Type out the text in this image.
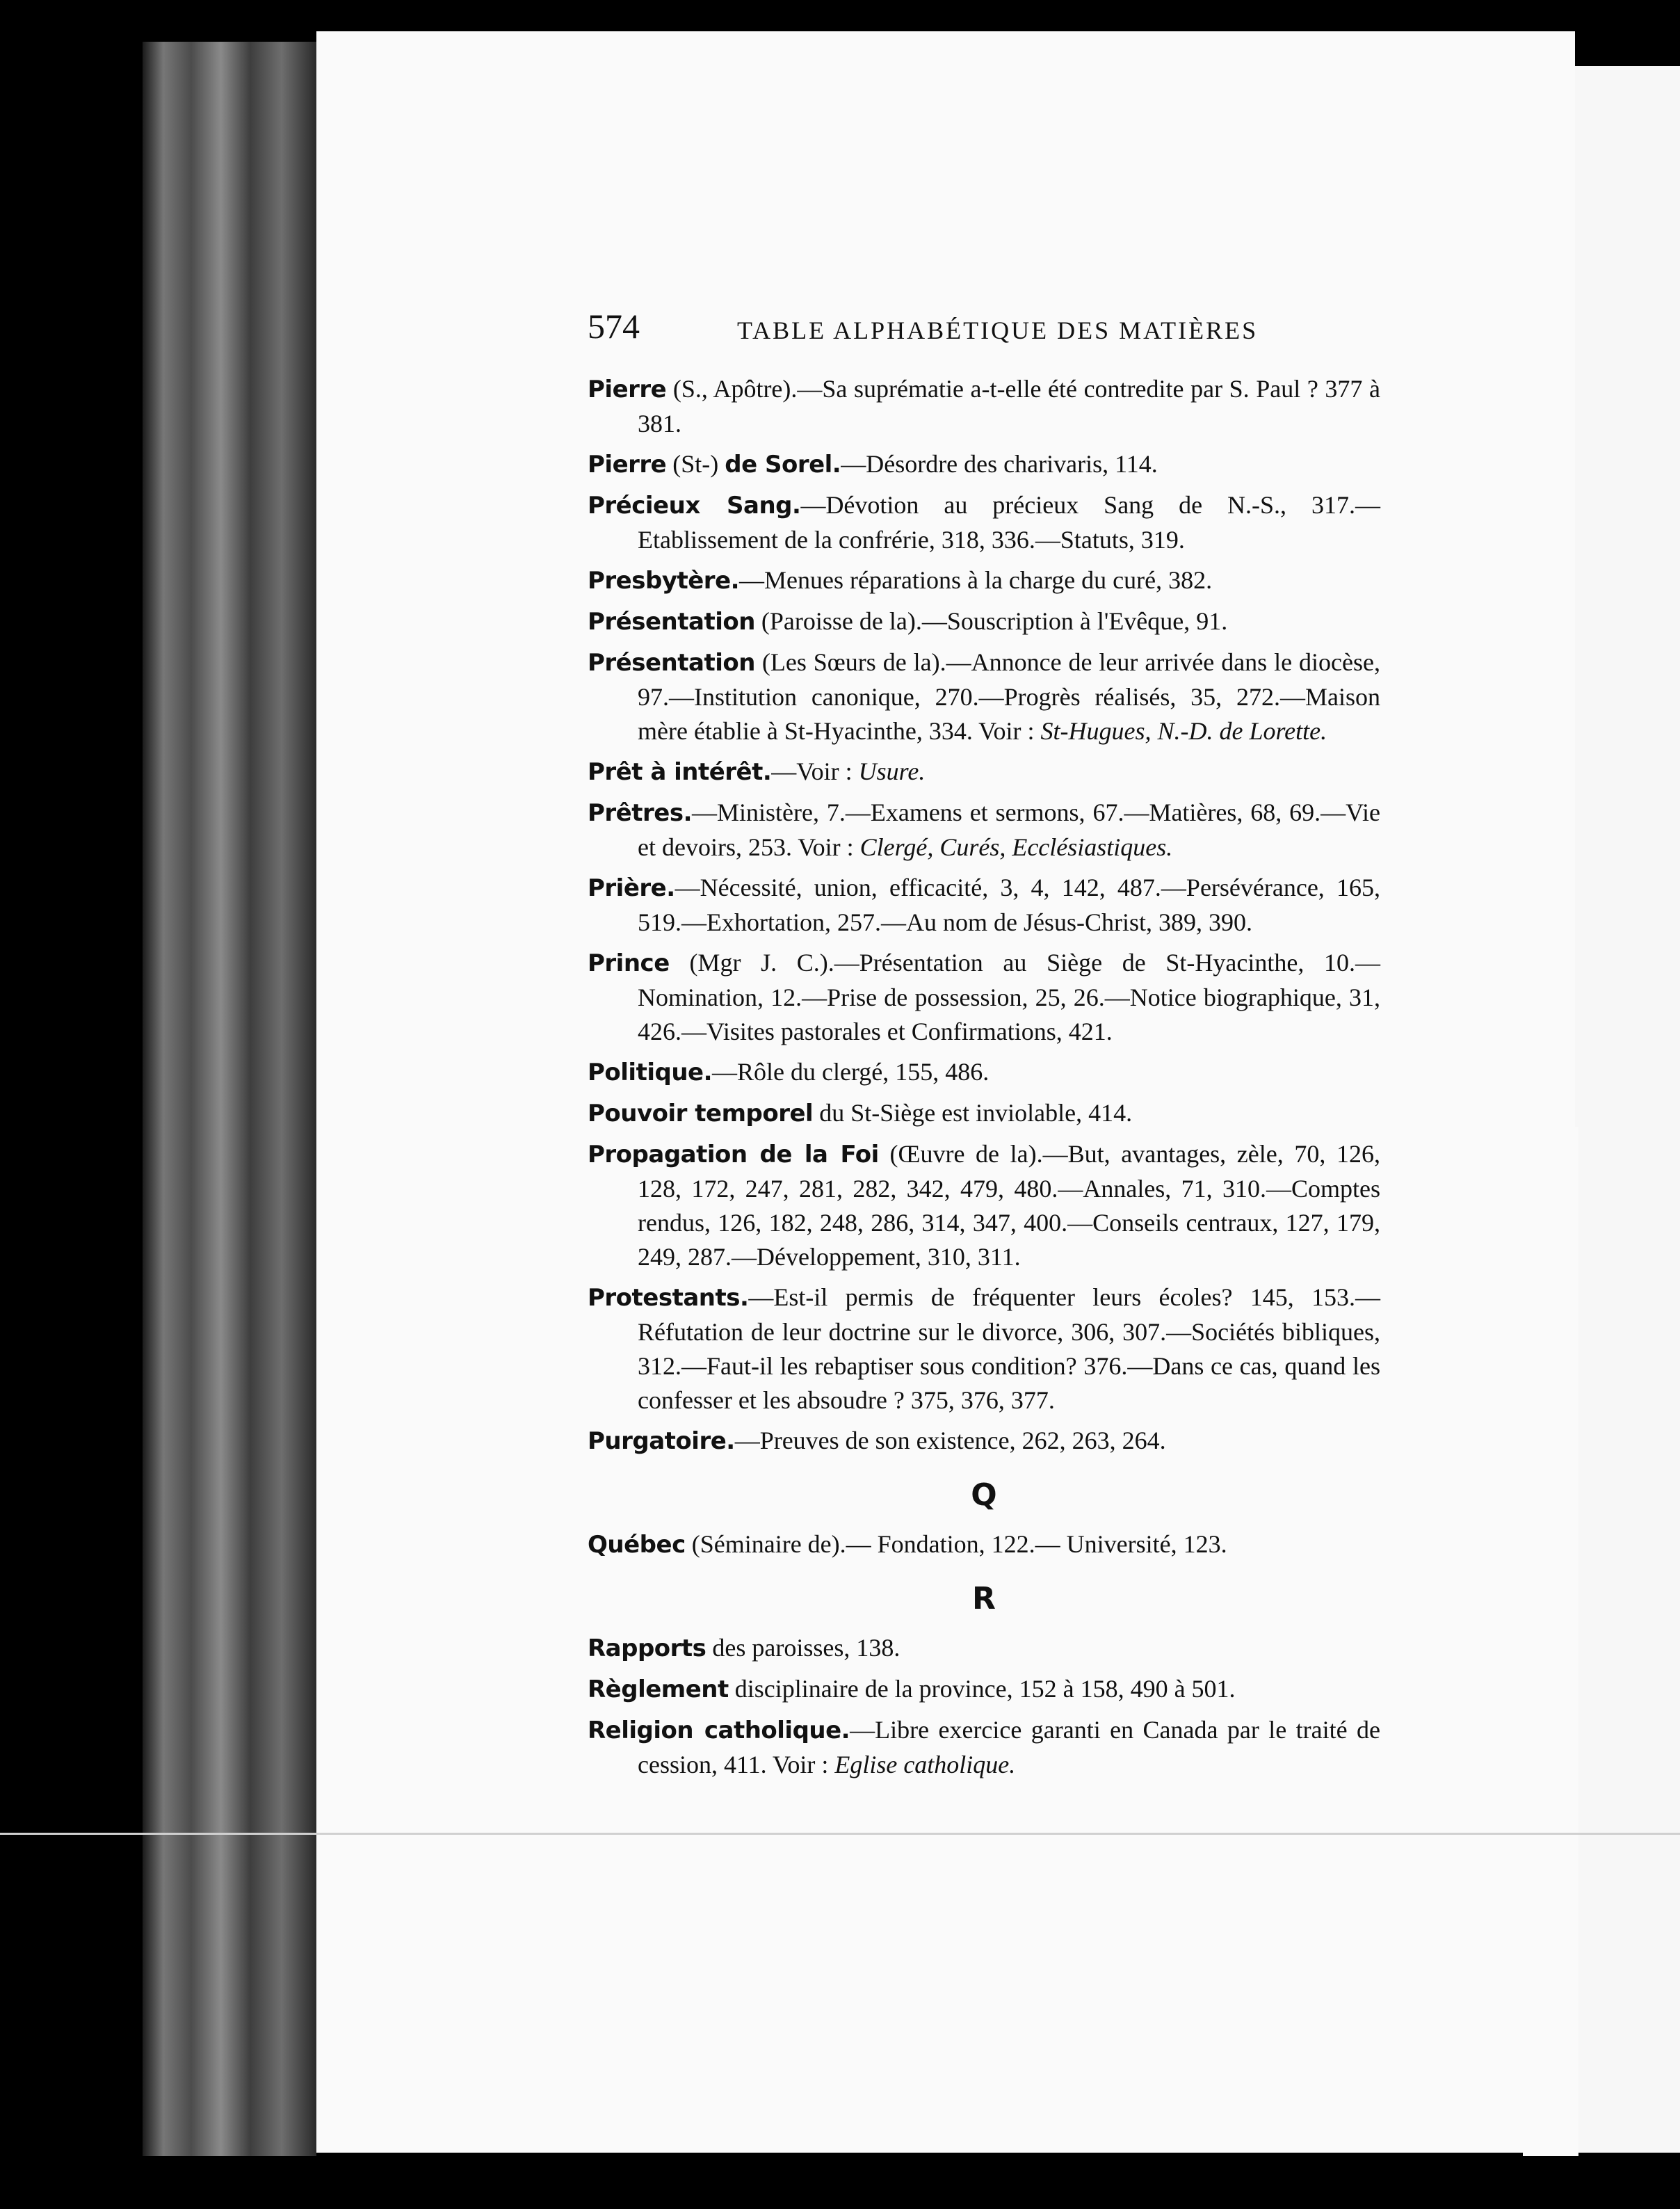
574	TABLE ALPHABÉTIQUE DES MATIÈRES
Pierre (S., Apôtre).—Sa suprématie a-t-elle été contredite par S. Paul ? 377 à 381.
Pierre (St-) de Sorel.—Désordre des charivaris, 114.
Précieux Sang.—Dévotion au précieux Sang de N.-S., 317.—Etablissement de la confrérie, 318, 336.—Statuts, 319.
Presbytère.—Menues réparations à la charge du curé, 382.
Présentation (Paroisse de la).—Souscription à l'Evêque, 91.
Présentation (Les Sœurs de la).—Annonce de leur arrivée dans le diocèse, 97.—Institution canonique, 270.—Progrès réalisés, 35, 272.—Maison mère établie à St-Hyacinthe, 334. Voir : St-Hugues, N.-D. de Lorette.
Prêt à intérêt.—Voir : Usure.
Prêtres.—Ministère, 7.—Examens et sermons, 67.—Matières, 68, 69.—Vie et devoirs, 253. Voir : Clergé, Curés, Ecclésiastiques.
Prière.—Nécessité, union, efficacité, 3, 4, 142, 487.—Persévérance, 165, 519.—Exhortation, 257.—Au nom de Jésus-Christ, 389, 390.
Prince (Mgr J. C.).—Présentation au Siège de St-Hyacinthe, 10.—Nomination, 12.—Prise de possession, 25, 26.—Notice biographique, 31, 426.—Visites pastorales et Confirmations, 421.
Politique.—Rôle du clergé, 155, 486.
Pouvoir temporel du St-Siège est inviolable, 414.
Propagation de la Foi (Œuvre de la).—But, avantages, zèle, 70, 126, 128, 172, 247, 281, 282, 342, 479, 480.—Annales, 71, 310.—Comptes rendus, 126, 182, 248, 286, 314, 347, 400.—Conseils centraux, 127, 179, 249, 287.—Développement, 310, 311.
Protestants.—Est-il permis de fréquenter leurs écoles? 145, 153.—Réfutation de leur doctrine sur le divorce, 306, 307.—Sociétés bibliques, 312.—Faut-il les rebaptiser sous condition? 376.—Dans ce cas, quand les confesser et les absoudre ? 375, 376, 377.
Purgatoire.—Preuves de son existence, 262, 263, 264.
Q
Québec (Séminaire de).— Fondation, 122.— Université, 123.
R
Rapports des paroisses, 138.
Règlement disciplinaire de la province, 152 à 158, 490 à 501.
Religion catholique.—Libre exercice garanti en Canada par le traité de cession, 411. Voir : Eglise catholique.
